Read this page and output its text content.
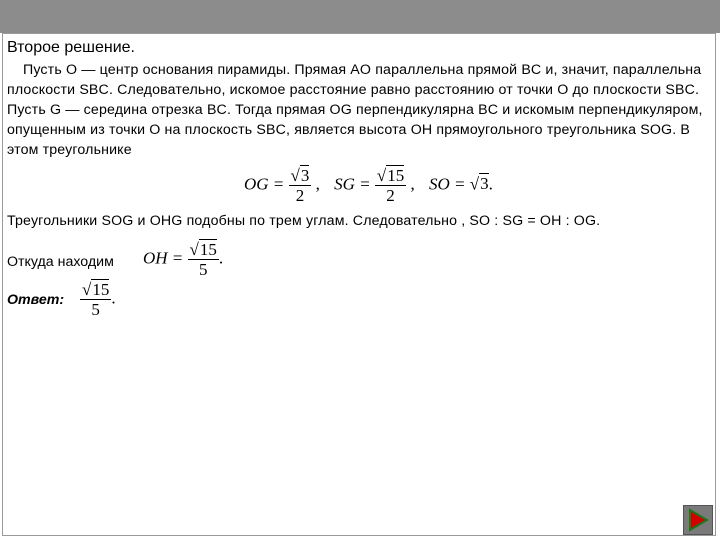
Второе решение.
Пусть O — центр основания пирамиды. Прямая AO параллельна прямой BC и, значит, параллельна плоскости SBC. Следовательно, искомое расстояние равно расстоянию от точки O до плоскости SBC. Пусть G — середина отрезка BC. Тогда прямая OG перпендикулярна BC и искомым перпендикуляром, опущенным из точки O на плоскость SBC, является высота OH прямоугольного треугольника SOG. В этом треугольнике
OG = $\frac{√3}{2}$ , SG = $\frac{√15}{2}$ , SO = √3.
Треугольники SOG и OHG подобны по трем углам. Следовательно , SO : SG = OH : OG.
Откуда находим OH = $\frac{√15}{5}$ .
Ответ: $\frac{√15}{5}$ .
